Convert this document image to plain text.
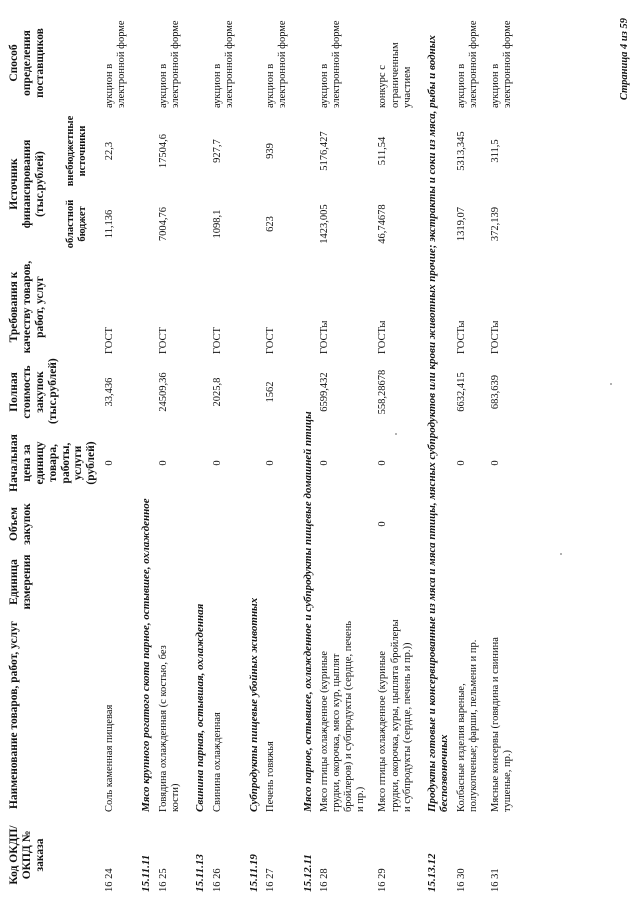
Код ОКДП/ ОКПД № заказа	Наименование товаров, работ, услуг	Единица измерения	Объем закупок	Начальная цена за единицу товара, работы, услуги (рублей)	Полная стоимость закупок (тыс.рублей)	Требования к качеству товаров, работ, услуг	Источник финансирования (тыс.рублей)		Способ определения поставщиков
							областной бюджет	внебюджетные источники	
16 24	Соль каменная пищевая			0	33,436	ГОСТ	11,136	22,3	аукцион в электронной форме
15.11.11	Мясо крупного рогатого скота парное, остывшее, охлажденное								
16 25	Говядина охлажденная (с костью, без кости)			0	24509,36	ГОСТ	7004,76	17504,6	аукцион в электронной форме
15.11.13	Свинина парная, остывшая, охлажденная								
16 26	Свинина охлажденная			0	2025,8	ГОСТ	1098,1	927,7	аукцион в электронной форме
15.11.19	Субпродукты пищевые убойных животных								
16 27	Печень говяжья			0	1562	ГОСТ	623	939	аукцион в электронной форме
15.12.11	Мясо парное, остывшее, охлажденное и субпродукты пищевые домашней птицы								
16 28	Мясо птицы охлажденное (куриные грудки, окорочка, мясо кур, цыплят бройлеров) и субпродукты (сердце, печень и пр.)			0	6599,432	ГОСТы	1423,005	5176,427	аукцион в электронной форме
16 29	Мясо птицы охлажденное (куриные грудки, окорочка, куры, цыплята бройлеры и субпродукты (сердце, печень и пр.))		0	0	558,28678	ГОСТы	46,74678	511,54	конкурс с ограниченным участием
15.13.12	Продукты готовые и консервированные из мяса и мяса птицы, мясных субпродуктов или крови животных прочие; экстракты и соки из мяса, рыбы и водных беспозвоночных								
16 30	Колбасные изделия вареные, полукопченые; фарши, пельмени и пр.			0	6632,415	ГОСТы	1319,07	5313,345	аукцион в электронной форме
16 31	Мясные консервы (говядина и свинина тушеные, пр.)			0	683,639	ГОСТы	372,139	311,5	аукцион в электронной форме	Страница 4 из 59
